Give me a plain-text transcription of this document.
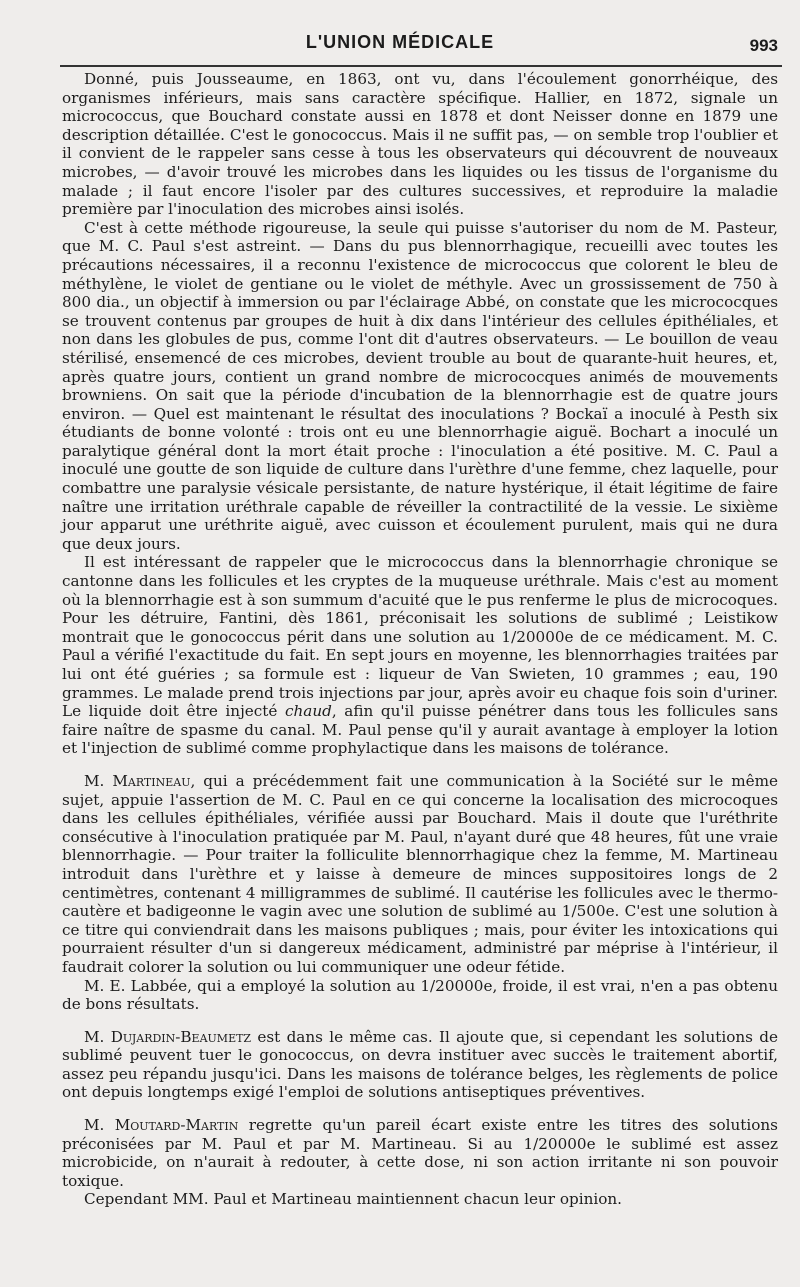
L'UNION MÉDICALE	993

Donné, puis Jousseaume, en 1863, ont vu, dans l'écoulement gonorrhéique, des organismes inférieurs, mais sans caractère spécifique. Hallier, en 1872, signale un micrococcus, que Bouchard constate aussi en 1878 et dont Neisser donne en 1879 une description détaillée. C'est le gonococcus. Mais il ne suffit pas, — on semble trop l'oublier et il convient de le rappeler sans cesse à tous les observateurs qui découvrent de nouveaux microbes, — d'avoir trouvé les microbes dans les liquides ou les tissus de l'organisme du malade ; il faut encore l'isoler par des cultures successives, et reproduire la maladie première par l'inoculation des microbes ainsi isolés.

C'est à cette méthode rigoureuse, la seule qui puisse s'autoriser du nom de M. Pasteur, que M. C. Paul s'est astreint. — Dans du pus blennorrhagique, recueilli avec toutes les précautions nécessaires, il a reconnu l'existence de micrococcus que colorent le bleu de méthylène, le violet de gentiane ou le violet de méthyle. Avec un grossissement de 750 à 800 dia., un objectif à immersion ou par l'éclairage Abbé, on constate que les micrococques se trouvent contenus par groupes de huit à dix dans l'intérieur des cellules épithéliales, et non dans les globules de pus, comme l'ont dit d'autres observateurs. — Le bouillon de veau stérilisé, ensemencé de ces microbes, devient trouble au bout de quarante-huit heures, et, après quatre jours, contient un grand nombre de micrococques animés de mouvements browniens. On sait que la période d'incubation de la blennorrhagie est de quatre jours environ. — Quel est maintenant le résultat des inoculations ? Bockaï a inoculé à Pesth six étudiants de bonne volonté : trois ont eu une blennorrhagie aiguë. Bochart a inoculé un paralytique général dont la mort était proche : l'inoculation a été positive. M. C. Paul a inoculé une goutte de son liquide de culture dans l'urèthre d'une femme, chez laquelle, pour combattre une paralysie vésicale persistante, de nature hystérique, il était légitime de faire naître une irritation uréthrale capable de réveiller la contractilité de la vessie. Le sixième jour apparut une uréthrite aiguë, avec cuisson et écoulement purulent, mais qui ne dura que deux jours.

Il est intéressant de rappeler que le micrococcus dans la blennorrhagie chronique se cantonne dans les follicules et les cryptes de la muqueuse uréthrale. Mais c'est au moment où la blennorrhagie est à son summum d'acuité que le pus renferme le plus de microcoques. Pour les détruire, Fantini, dès 1861, préconisait les solutions de sublimé ; Leistikow montrait que le gonococcus périt dans une solution au 1/20000e de ce médicament. M. C. Paul a vérifié l'exactitude du fait. En sept jours en moyenne, les blennorrhagies traitées par lui ont été guéries ; sa formule est : liqueur de Van Swieten, 10 grammes ; eau, 190 grammes. Le malade prend trois injections par jour, après avoir eu chaque fois soin d'uriner. Le liquide doit être injecté chaud, afin qu'il puisse pénétrer dans tous les follicules sans faire naître de spasme du canal. M. Paul pense qu'il y aurait avantage à employer la lotion et l'injection de sublimé comme prophylactique dans les maisons de tolérance.

M. Martineau, qui a précédemment fait une communication à la Société sur le même sujet, appuie l'assertion de M. C. Paul en ce qui concerne la localisation des microcoques dans les cellules épithéliales, vérifiée aussi par Bouchard. Mais il doute que l'uréthrite consécutive à l'inoculation pratiquée par M. Paul, n'ayant duré que 48 heures, fût une vraie blennorrhagie. — Pour traiter la folliculite blennorrhagique chez la femme, M. Martineau introduit dans l'urèthre et y laisse à demeure de minces suppositoires longs de 2 centimètres, contenant 4 milligrammes de sublimé. Il cautérise les follicules avec le thermo-cautère et badigeonne le vagin avec une solution de sublimé au 1/500e. C'est une solution à ce titre qui conviendrait dans les maisons publiques ; mais, pour éviter les intoxications qui pourraient résulter d'un si dangereux médicament, administré par méprise à l'intérieur, il faudrait colorer la solution ou lui communiquer une odeur fétide.

M. E. Labbée, qui a employé la solution au 1/20000e, froide, il est vrai, n'en a pas obtenu de bons résultats.

M. Dujardin-Beaumetz est dans le même cas. Il ajoute que, si cependant les solutions de sublimé peuvent tuer le gonococcus, on devra instituer avec succès le traitement abortif, assez peu répandu jusqu'ici. Dans les maisons de tolérance belges, les règlements de police ont depuis longtemps exigé l'emploi de solutions antiseptiques préventives.

M. Moutard-Martin regrette qu'un pareil écart existe entre les titres des solutions préconisées par M. Paul et par M. Martineau. Si au 1/20000e le sublimé est assez microbicide, on n'aurait à redouter, à cette dose, ni son action irritante ni son pouvoir toxique.

Cependant MM. Paul et Martineau maintiennent chacun leur opinion.
